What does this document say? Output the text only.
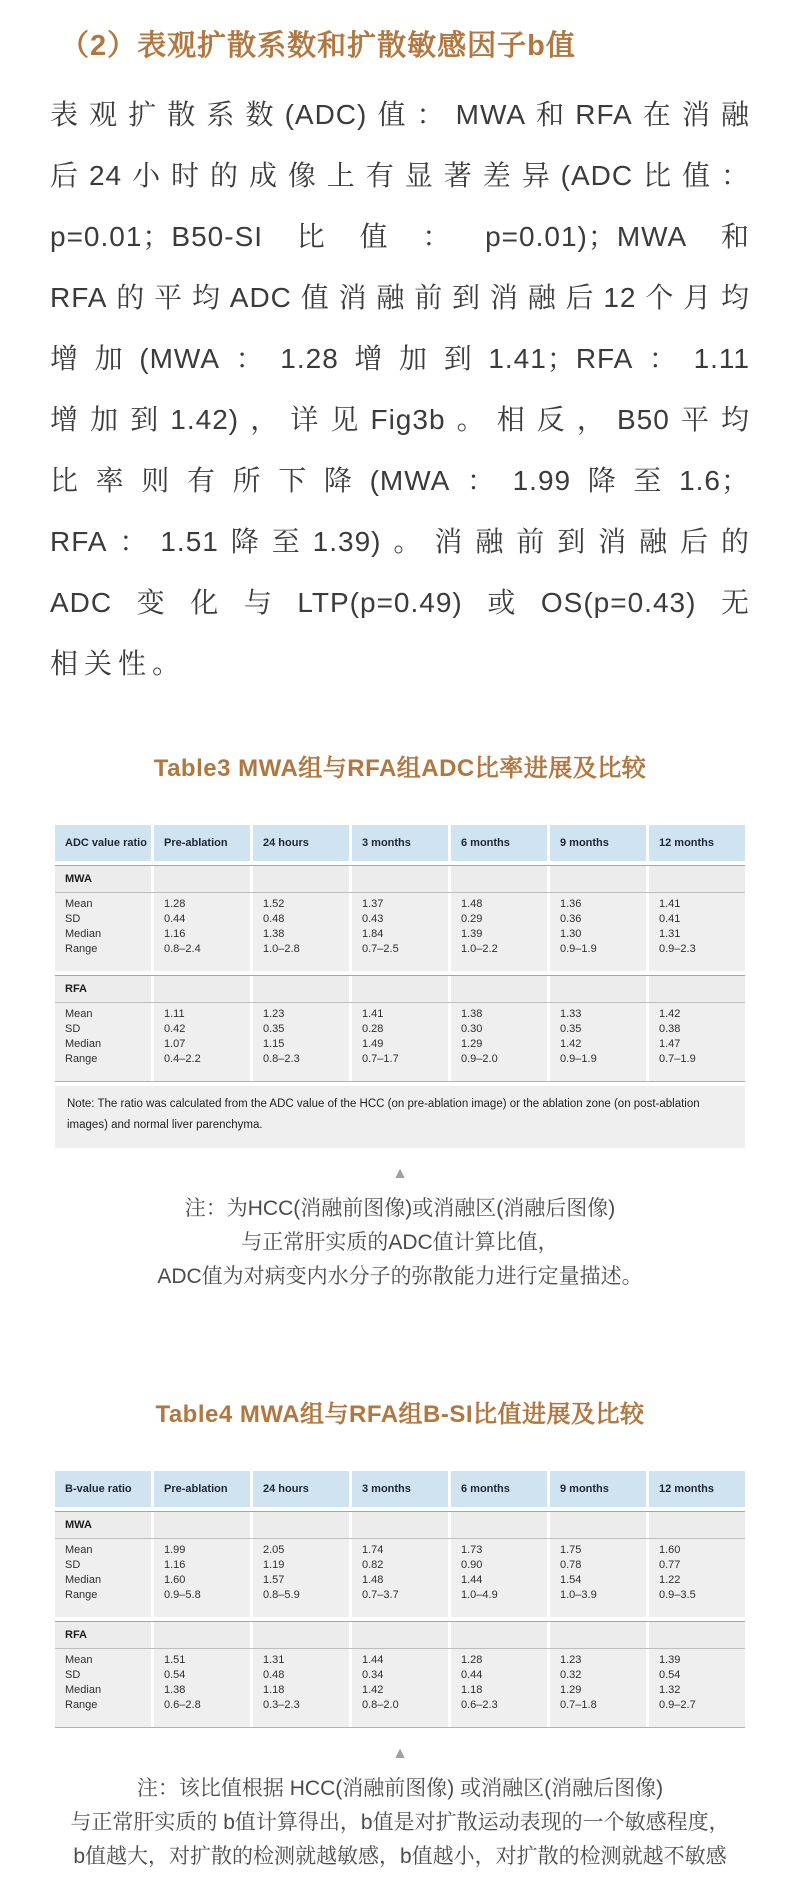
（2）表观扩散系数和扩散敏感因子b值
表观扩散系数(ADC)值：MWA和RFA在消融
后24小时的成像上有显著差异(ADC比值：
p=0.01；B50-SI比值：p=0.01)；MWA和
RFA的平均ADC值消融前到消融后12个月均
增加(MWA：1.28增加到1.41；RFA：1.11
增加到1.42)，详见Fig3b。相反，B50平均
比率则有所下降(MWA：1.99降至1.6；
RFA：1.51降至1.39)。消融前到消融后的
ADC变化与LTP(p=0.49)或OS(p=0.43)无
相关性。
Table3 MWA组与RFA组ADC比率进展及比较
ADC value ratio	Pre-ablation	24 hours	3 months	6 months	9 months	12 months
MWA
Mean	1.28	1.52	1.37	1.48	1.36	1.41
SD	0.44	0.48	0.43	0.29	0.36	0.41
Median	1.16	1.38	1.84	1.39	1.30	1.31
Range	0.8–2.4	1.0–2.8	0.7–2.5	1.0–2.2	0.9–1.9	0.9–2.3
RFA
Mean	1.11	1.23	1.41	1.38	1.33	1.42
SD	0.42	0.35	0.28	0.30	0.35	0.38
Median	1.07	1.15	1.49	1.29	1.42	1.47
Range	0.4–2.2	0.8–2.3	0.7–1.7	0.9–2.0	0.9–1.9	0.7–1.9
Note: The ratio was calculated from the ADC value of the HCC (on pre-ablation image) or the ablation zone (on post-ablation images) and normal liver parenchyma.
▲
注：为HCC(消融前图像)或消融区(消融后图像)
与正常肝实质的ADC值计算比值，
ADC值为对病变内水分子的弥散能力进行定量描述。
Table4 MWA组与RFA组B-SI比值进展及比较
B-value ratio	Pre-ablation	24 hours	3 months	6 months	9 months	12 months
MWA
Mean	1.99	2.05	1.74	1.73	1.75	1.60
SD	1.16	1.19	0.82	0.90	0.78	0.77
Median	1.60	1.57	1.48	1.44	1.54	1.22
Range	0.9–5.8	0.8–5.9	0.7–3.7	1.0–4.9	1.0–3.9	0.9–3.5
RFA
Mean	1.51	1.31	1.44	1.28	1.23	1.39
SD	0.54	0.48	0.34	0.44	0.32	0.54
Median	1.38	1.18	1.42	1.18	1.29	1.32
Range	0.6–2.8	0.3–2.3	0.8–2.0	0.6–2.3	0.7–1.8	0.9–2.7
▲
注：该比值根据 HCC(消融前图像) 或消融区(消融后图像)
与正常肝实质的 b值计算得出，b值是对扩散运动表现的一个敏感程度，
b值越大，对扩散的检测就越敏感，b值越小，对扩散的检测就越不敏感
